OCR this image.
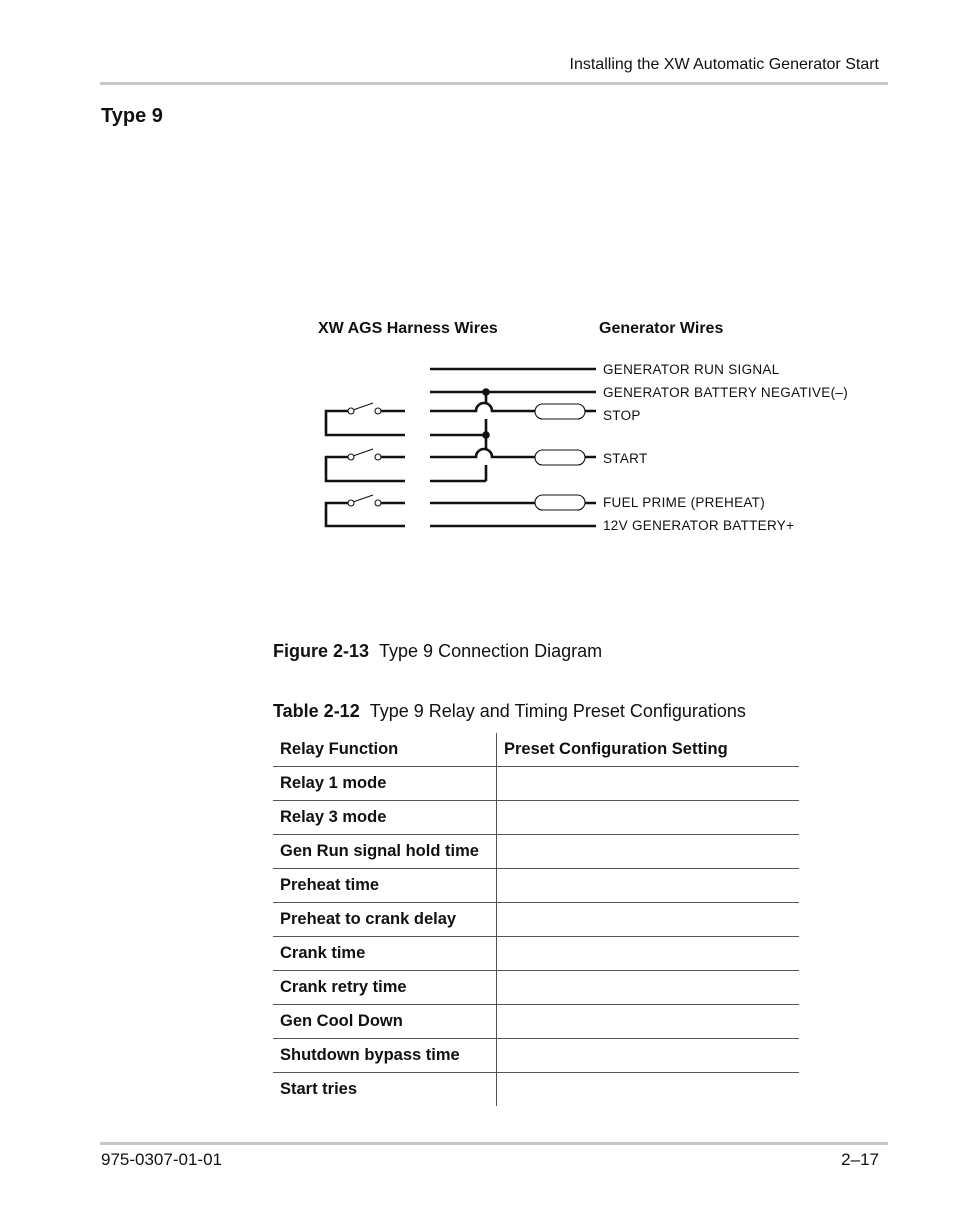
Installing the XW Automatic Generator Start
Type 9
XW AGS Harness Wires	Generator Wires
GENERATOR RUN SIGNAL
GENERATOR BATTERY NEGATIVE(–)
STOP
START
FUEL PRIME (PREHEAT)
12V GENERATOR BATTERY+
Figure 2-13 Type 9 Connection Diagram
Table 2-12 Type 9 Relay and Timing Preset Configurations
Relay Function	Preset Configuration Setting
Relay 1 mode	
Relay 3 mode	
Gen Run signal hold time	
Preheat time	
Preheat to crank delay	
Crank time	
Crank retry time	
Gen Cool Down	
Shutdown bypass time	
Start tries	
975-0307-01-01	2–17
